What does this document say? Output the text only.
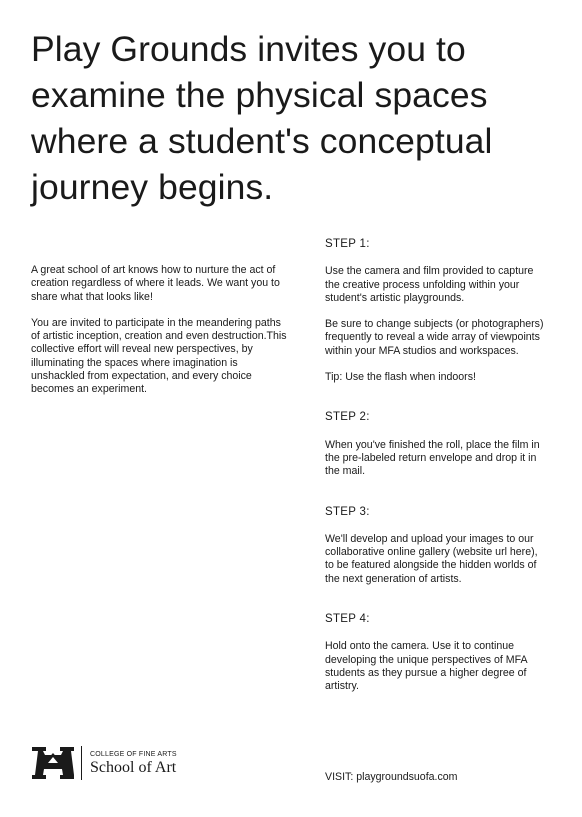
Play Grounds invites you to examine the physical spaces where a student's conceptual journey begins.

A great school of art knows how to nurture the act of creation regardless of where it leads. We want you to share what that looks like!

You are invited to participate in the meandering paths of artistic inception, creation and even destruction.This collective effort will reveal new perspectives, by illuminating the spaces where imagination is unshackled from expectation, and every choice becomes an experiment.

STEP 1:

Use the camera and film provided to capture the creative process unfolding within your student's artistic playgrounds.

Be sure to change subjects (or photographers) frequently to reveal a wide array of viewpoints within your MFA studios and workspaces.

Tip: Use the flash when indoors!

STEP 2:

When you've finished the roll, place the film in the pre-labeled return envelope and drop it in the mail.

STEP 3:

We'll develop and upload your images to our collaborative online gallery (website url here), to be featured alongside the hidden worlds of the next generation of artists.

STEP 4:

Hold onto the camera. Use it to continue developing the unique perspectives of MFA students as they pursue a higher degree of artistry.

VISIT: playgroundsuofa.com
COLLEGE OF FINE ARTS
School of Art
